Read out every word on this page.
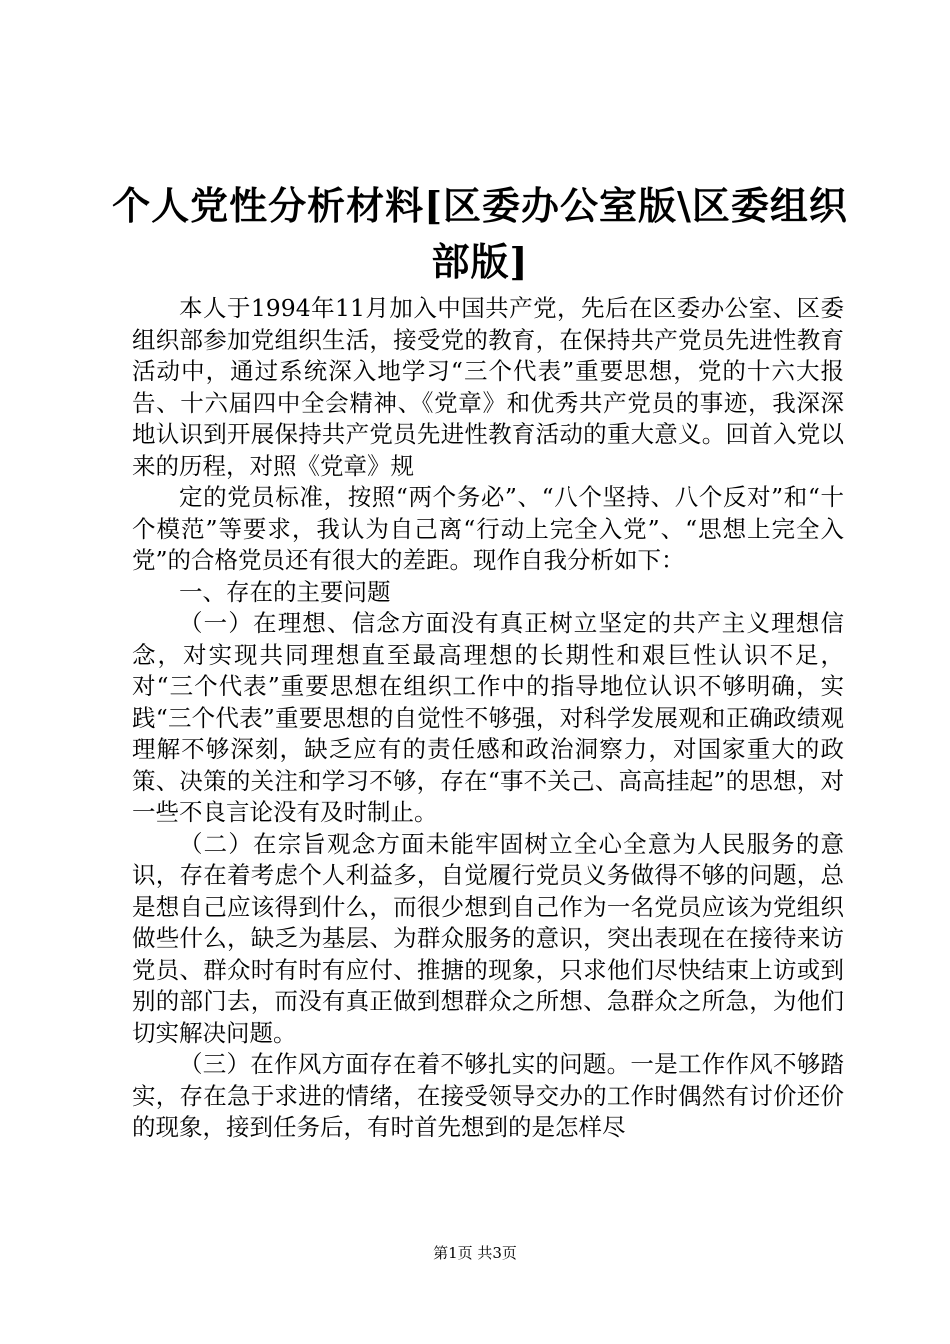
个人党性分析材料[区委办公室版\区委组织部版]

本人于1994年11月加入中国共产党，先后在区委办公室、区委组织部参加党组织生活，接受党的教育，在保持共产党员先进性教育活动中，通过系统深入地学习“三个代表”重要思想，党的十六大报告、十六届四中全会精神、《党章》和优秀共产党员的事迹，我深深地认识到开展保持共产党员先进性教育活动的重大意义。回首入党以来的历程，对照《党章》规

定的党员标准，按照“两个务必”、“八个坚持、八个反对”和“十个模范”等要求，我认为自己离“行动上完全入党”、“思想上完全入党”的合格党员还有很大的差距。现作自我分析如下：

一、存在的主要问题

（一）在理想、信念方面没有真正树立坚定的共产主义理想信念，对实现共同理想直至最高理想的长期性和艰巨性认识不足，对“三个代表”重要思想在组织工作中的指导地位认识不够明确，实践“三个代表”重要思想的自觉性不够强，对科学发展观和正确政绩观理解不够深刻，缺乏应有的责任感和政治洞察力，对国家重大的政策、决策的关注和学习不够，存在“事不关己、高高挂起”的思想，对一些不良言论没有及时制止。

（二）在宗旨观念方面未能牢固树立全心全意为人民服务的意识，存在着考虑个人利益多，自觉履行党员义务做得不够的问题，总是想自己应该得到什么，而很少想到自己作为一名党员应该为党组织做些什么，缺乏为基层、为群众服务的意识，突出表现在在接待来访党员、群众时有时有应付、推搪的现象，只求他们尽快结束上访或到别的部门去，而没有真正做到想群众之所想、急群众之所急，为他们切实解决问题。

（三）在作风方面存在着不够扎实的问题。一是工作作风不够踏实，存在急于求进的情绪，在接受领导交办的工作时偶然有讨价还价的现象，接到任务后，有时首先想到的是怎样尽

第1页 共3页
